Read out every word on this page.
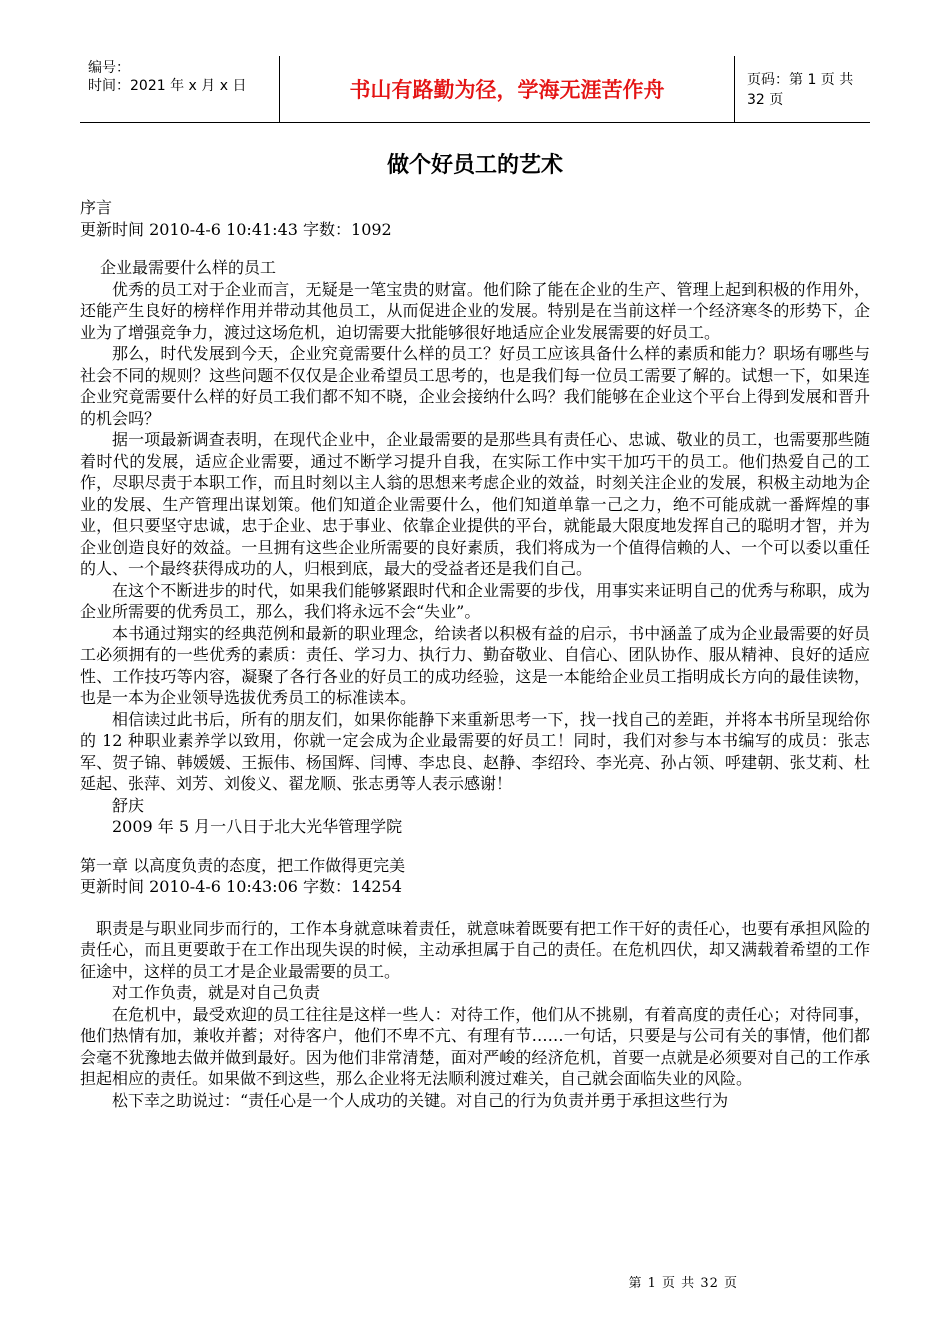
编号：
时间：2021 年 x 月 x 日	书山有路勤为径，学海无涯苦作舟	页码：第 1 页 共 32 页
做个好员工的艺术

序言

更新时间 2010-4-6 10:41:43 字数：1092

企业最需要什么样的员工

优秀的员工对于企业而言，无疑是一笔宝贵的财富。他们除了能在企业的生产、管理上起到积极的作用外，还能产生良好的榜样作用并带动其他员工，从而促进企业的发展。特别是在当前这样一个经济寒冬的形势下，企业为了增强竞争力，渡过这场危机，迫切需要大批能够很好地适应企业发展需要的好员工。

那么，时代发展到今天，企业究竟需要什么样的员工？好员工应该具备什么样的素质和能力？职场有哪些与社会不同的规则？这些问题不仅仅是企业希望员工思考的，也是我们每一位员工需要了解的。试想一下，如果连企业究竟需要什么样的好员工我们都不知不晓，企业会接纳什么吗？我们能够在企业这个平台上得到发展和晋升的机会吗？

据一项最新调查表明，在现代企业中，企业最需要的是那些具有责任心、忠诚、敬业的员工，也需要那些随着时代的发展，适应企业需要，通过不断学习提升自我，在实际工作中实干加巧干的员工。他们热爱自己的工作，尽职尽责于本职工作，而且时刻以主人翁的思想来考虑企业的效益，时刻关注企业的发展，积极主动地为企业的发展、生产管理出谋划策。他们知道企业需要什么，他们知道单靠一己之力，绝不可能成就一番辉煌的事业，但只要坚守忠诚，忠于企业、忠于事业、依靠企业提供的平台，就能最大限度地发挥自己的聪明才智，并为企业创造良好的效益。一旦拥有这些企业所需要的良好素质，我们将成为一个值得信赖的人、一个可以委以重任的人、一个最终获得成功的人，归根到底，最大的受益者还是我们自己。

在这个不断进步的时代，如果我们能够紧跟时代和企业需要的步伐，用事实来证明自己的优秀与称职，成为企业所需要的优秀员工，那么，我们将永远不会“失业”。

本书通过翔实的经典范例和最新的职业理念，给读者以积极有益的启示，书中涵盖了成为企业最需要的好员工必须拥有的一些优秀的素质：责任、学习力、执行力、勤奋敬业、自信心、团队协作、服从精神、良好的适应性、工作技巧等内容，凝聚了各行各业的好员工的成功经验，这是一本能给企业员工指明成长方向的最佳读物，也是一本为企业领导选拔优秀员工的标准读本。

相信读过此书后，所有的朋友们，如果你能静下来重新思考一下，找一找自己的差距，并将本书所呈现给你的 12 种职业素养学以致用，你就一定会成为企业最需要的好员工！同时，我们对参与本书编写的成员：张志军、贺子锦、韩媛媛、王振伟、杨国辉、闫博、李忠良、赵静、李绍玲、李光亮、孙占领、呼建朝、张艾莉、杜延起、张萍、刘芳、刘俊义、翟龙顺、张志勇等人表示感谢！

舒庆

2009 年 5 月一八日于北大光华管理学院

第一章 以高度负责的态度，把工作做得更完美

更新时间 2010-4-6 10:43:06 字数：14254

职责是与职业同步而行的，工作本身就意味着责任，就意味着既要有把工作干好的责任心，也要有承担风险的责任心，而且更要敢于在工作出现失误的时候，主动承担属于自己的责任。在危机四伏，却又满载着希望的工作征途中，这样的员工才是企业最需要的员工。

对工作负责，就是对自己负责

在危机中，最受欢迎的员工往往是这样一些人：对待工作，他们从不挑剔，有着高度的责任心；对待同事，他们热情有加，兼收并蓄；对待客户，他们不卑不亢、有理有节……一句话，只要是与公司有关的事情，他们都会毫不犹豫地去做并做到最好。因为他们非常清楚，面对严峻的经济危机，首要一点就是必须要对自己的工作承担起相应的责任。如果做不到这些，那么企业将无法顺利渡过难关，自己就会面临失业的风险。

松下幸之助说过：“责任心是一个人成功的关键。对自己的行为负责并勇于承担这些行为

第 1 页 共 32 页
